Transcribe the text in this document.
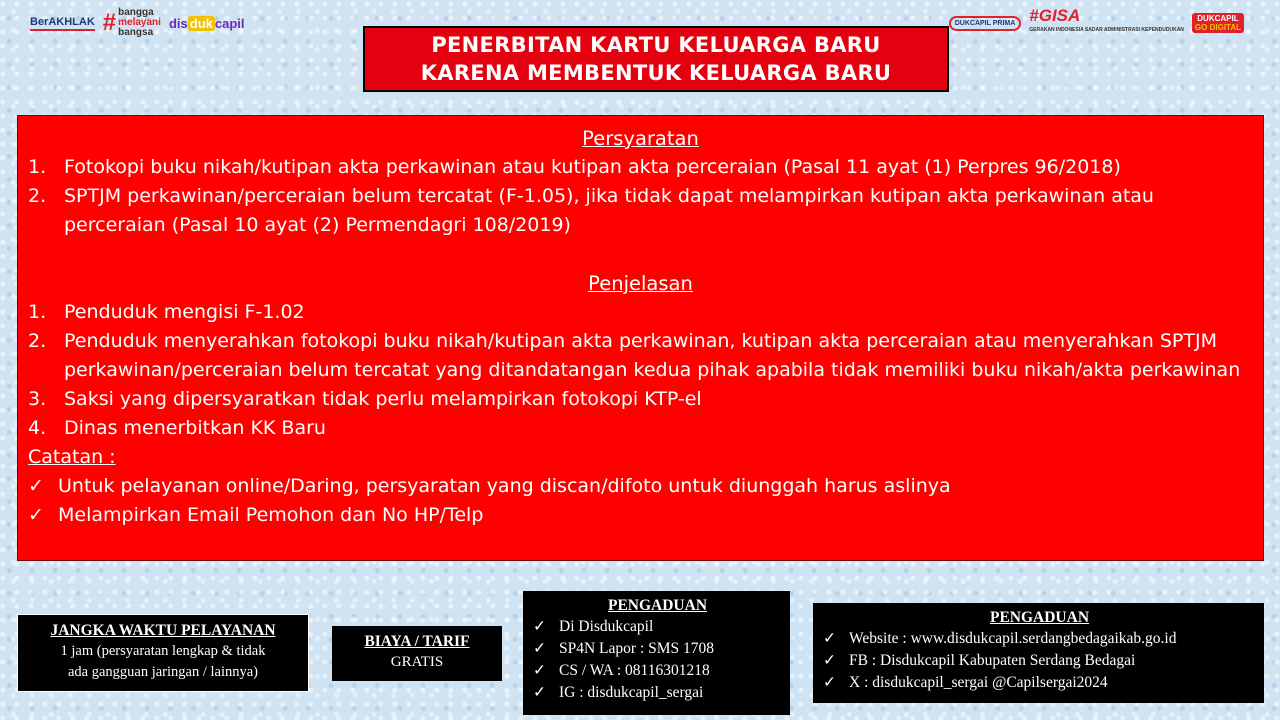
BerAKHLAK # bangga
melayani
bangsa
dis duk capil	DUKCAPIL PRIMA #GISA
GERAKAN INDONESIA SADAR ADMINISTRASI KEPENDUDUKAN
DUKCAPIL
GO DIGITAL
PENERBITAN KARTU KELUARGA BARU
KARENA MEMBENTUK KELUARGA BARU

Persyaratan

1. Fotokopi buku nikah/kutipan akta perkawinan atau kutipan akta perceraian (Pasal 11 ayat (1) Perpres 96/2018)
2. SPTJM perkawinan/perceraian belum tercatat (F-1.05), jika tidak dapat melampirkan kutipan akta perkawinan atau perceraian (Pasal 10 ayat (2) Permendagri 108/2019)

Penjelasan

1. Penduduk mengisi F-1.02
2. Penduduk menyerahkan fotokopi buku nikah/kutipan akta perkawinan, kutipan akta perceraian atau menyerahkan SPTJM perkawinan/perceraian belum tercatat yang ditandatangan kedua pihak apabila tidak memiliki buku nikah/akta perkawinan
3. Saksi yang dipersyaratkan tidak perlu melampirkan fotokopi KTP-el
4. Dinas menerbitkan KK Baru

Catatan :

✓ Untuk pelayanan online/Daring, persyaratan yang discan/difoto untuk diunggah harus aslinya
✓ Melampirkan Email Pemohon dan No HP/Telp
JANGKA WAKTU PELAYANAN
1 jam (persyaratan lengkap & tidak
ada gangguan jaringan / lainnya)
BIAYA / TARIF
GRATIS
PENGADUAN
✓ Di Disdukcapil
✓ SP4N Lapor : SMS 1708
✓ CS / WA : 08116301218
✓ IG : disdukcapil_sergai
PENGADUAN
✓ Website : www.disdukcapil.serdangbedagaikab.go.id
✓ FB : Disdukcapil Kabupaten Serdang Bedagai
✓ X : disdukcapil_sergai @Capilsergai2024
